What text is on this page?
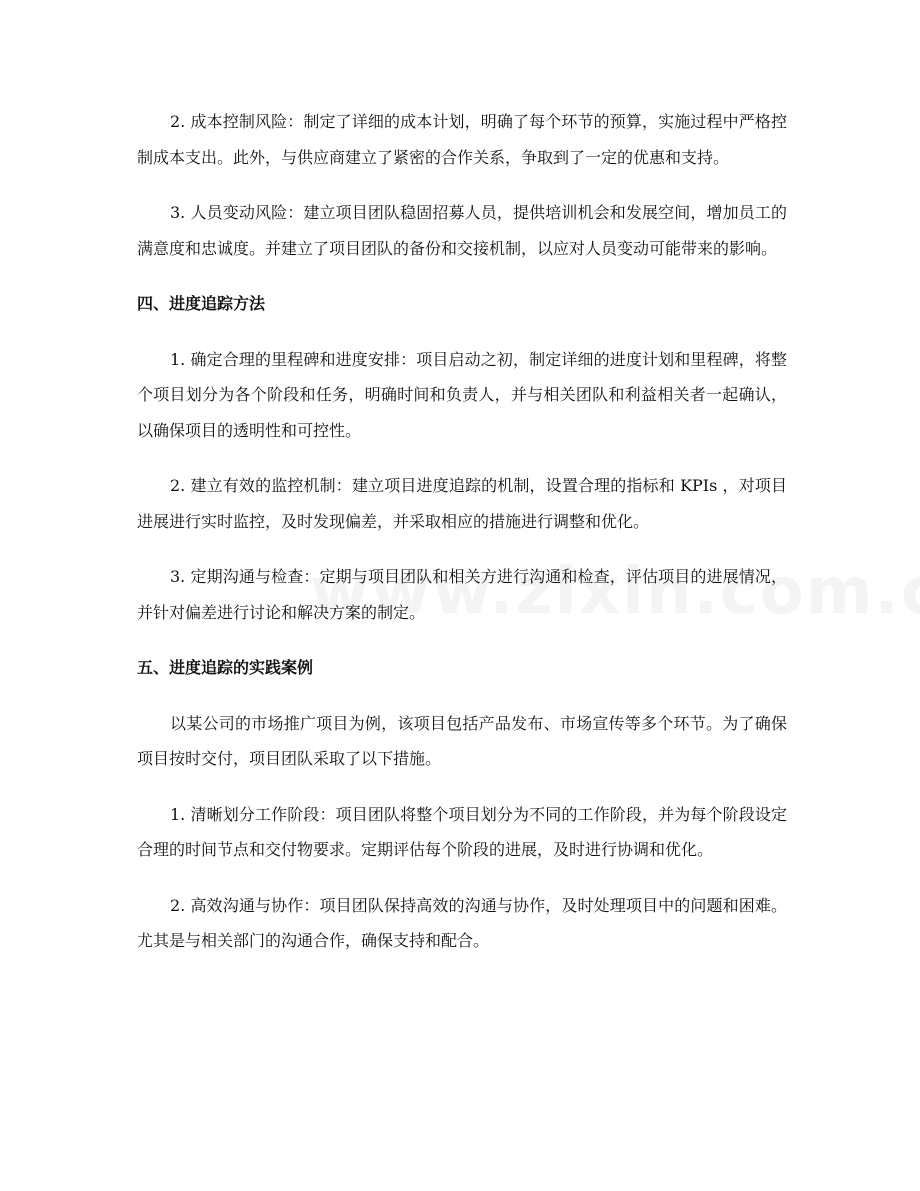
2. 成本控制风险：制定了详细的成本计划，明确了每个环节的预算，实施过程中严格控制成本支出。此外，与供应商建立了紧密的合作关系，争取到了一定的优惠和支持。

3. 人员变动风险：建立项目团队稳固招募人员，提供培训机会和发展空间，增加员工的满意度和忠诚度。并建立了项目团队的备份和交接机制，以应对人员变动可能带来的影响。

四、进度追踪方法

1. 确定合理的里程碑和进度安排：项目启动之初，制定详细的进度计划和里程碑，将整个项目划分为各个阶段和任务，明确时间和负责人，并与相关团队和利益相关者一起确认，以确保项目的透明性和可控性。

2. 建立有效的监控机制：建立项目进度追踪的机制，设置合理的指标和 KPIs ，对项目进展进行实时监控，及时发现偏差，并采取相应的措施进行调整和优化。

3. 定期沟通与检查：定期与项目团队和相关方进行沟通和检查，评估项目的进展情况，并针对偏差进行讨论和解决方案的制定。

五、进度追踪的实践案例

以某公司的市场推广项目为例，该项目包括产品发布、市场宣传等多个环节。为了确保项目按时交付，项目团队采取了以下措施。

1. 清晰划分工作阶段：项目团队将整个项目划分为不同的工作阶段，并为每个阶段设定合理的时间节点和交付物要求。定期评估每个阶段的进展，及时进行协调和优化。

2. 高效沟通与协作：项目团队保持高效的沟通与协作，及时处理项目中的问题和困难。尤其是与相关部门的沟通合作，确保支持和配合。
